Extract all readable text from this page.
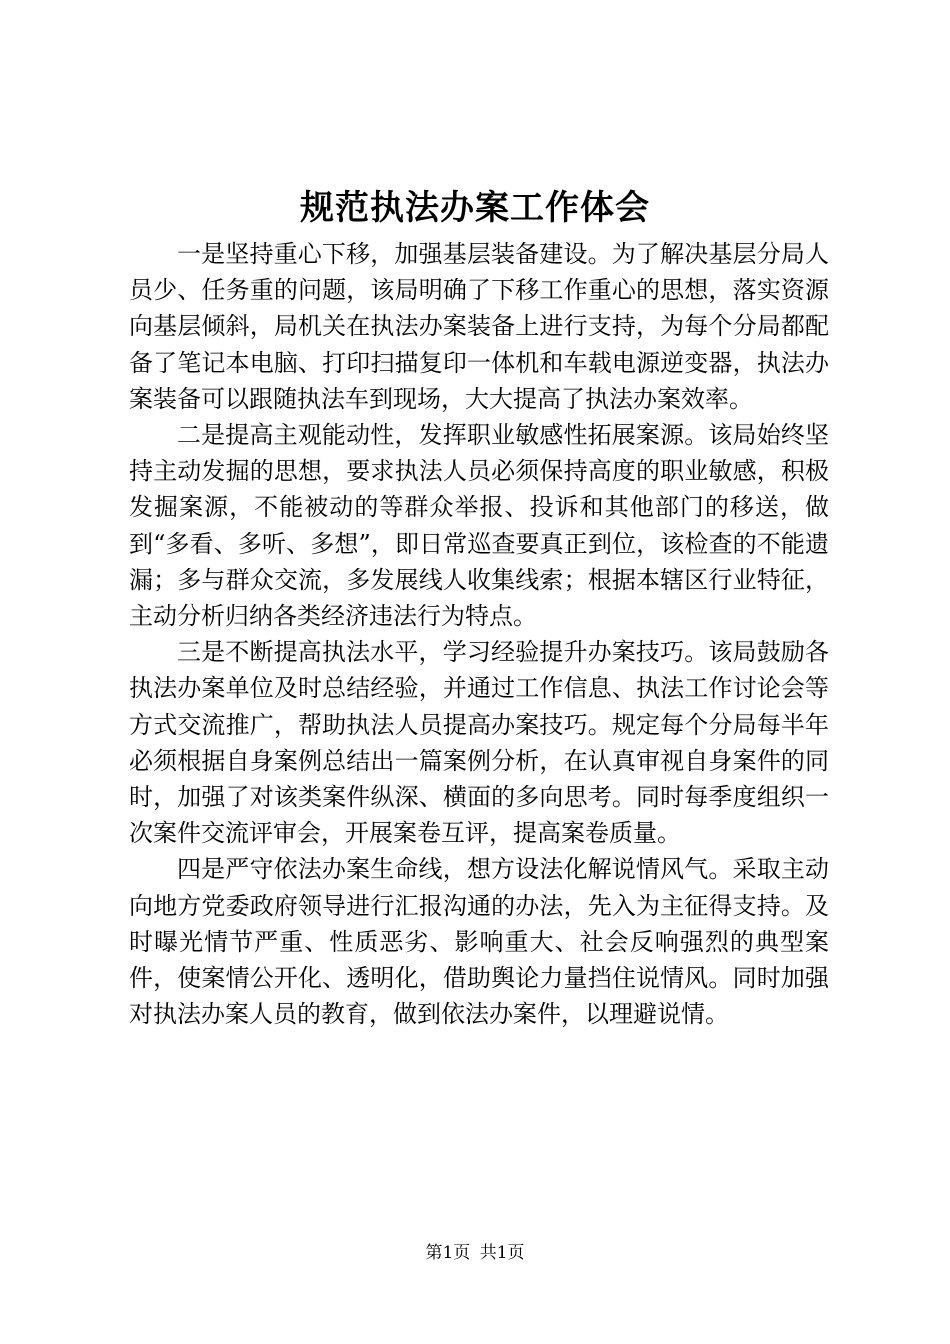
规范执法办案工作体会

一是坚持重心下移，加强基层装备建设。为了解决基层分局人员少、任务重的问题，该局明确了下移工作重心的思想，落实资源向基层倾斜，局机关在执法办案装备上进行支持，为每个分局都配备了笔记本电脑、打印扫描复印一体机和车载电源逆变器，执法办案装备可以跟随执法车到现场，大大提高了执法办案效率。

二是提高主观能动性，发挥职业敏感性拓展案源。该局始终坚持主动发掘的思想，要求执法人员必须保持高度的职业敏感，积极发掘案源，不能被动的等群众举报、投诉和其他部门的移送，做到“多看、多听、多想”，即日常巡查要真正到位，该检查的不能遗漏；多与群众交流，多发展线人收集线索；根据本辖区行业特征，主动分析归纳各类经济违法行为特点。

三是不断提高执法水平，学习经验提升办案技巧。该局鼓励各执法办案单位及时总结经验，并通过工作信息、执法工作讨论会等方式交流推广，帮助执法人员提高办案技巧。规定每个分局每半年必须根据自身案例总结出一篇案例分析，在认真审视自身案件的同时，加强了对该类案件纵深、横面的多向思考。同时每季度组织一次案件交流评审会，开展案卷互评，提高案卷质量。

四是严守依法办案生命线，想方设法化解说情风气。采取主动向地方党委政府领导进行汇报沟通的办法，先入为主征得支持。及时曝光情节严重、性质恶劣、影响重大、社会反响强烈的典型案件，使案情公开化、透明化，借助舆论力量挡住说情风。同时加强对执法办案人员的教育，做到依法办案件，以理避说情。

第1页 共1页
